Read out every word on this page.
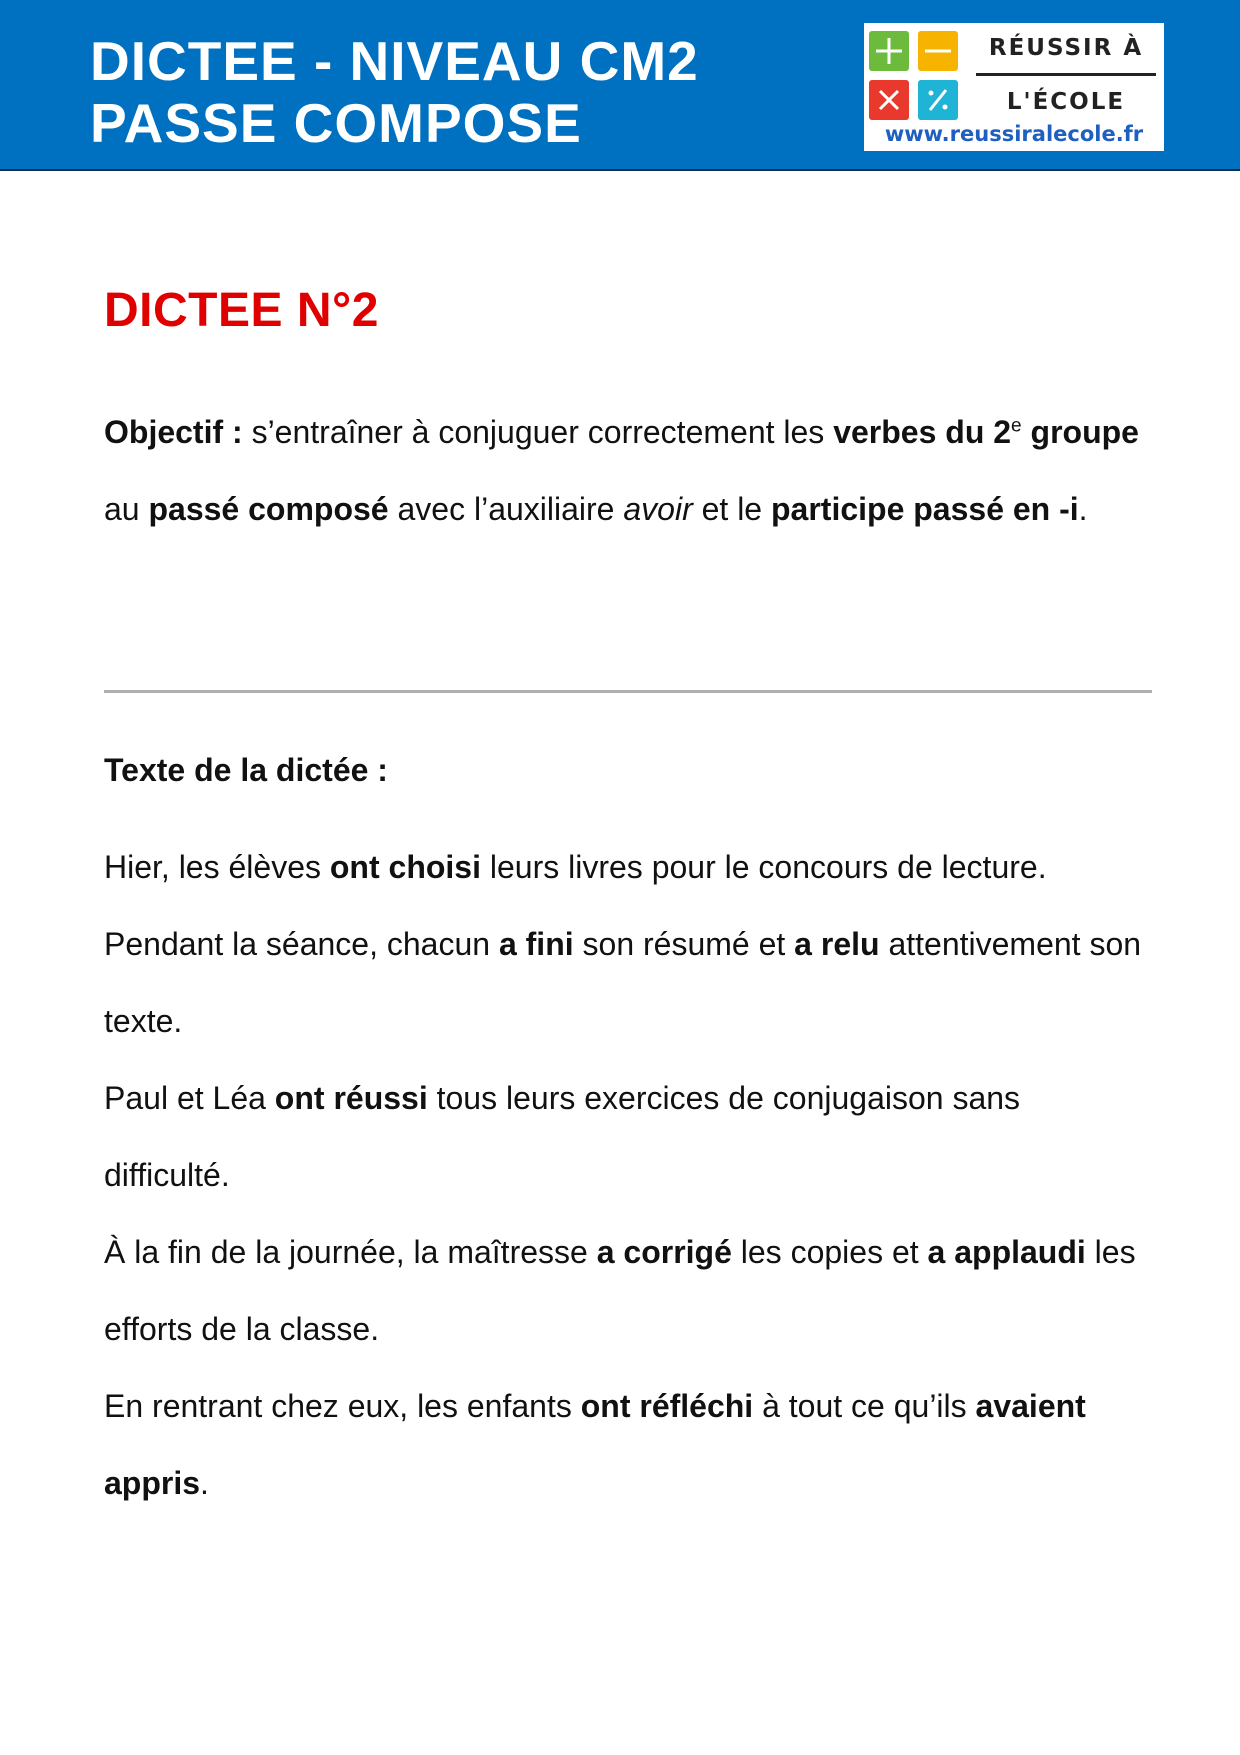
DICTEE - NIVEAU CM2
PASSE COMPOSE
RÉUSSIR À
L'ÉCOLE
www.reussiralecole.fr
DICTEE N°2

Objectif : s’entraîner à conjuguer correctement les verbes du 2e groupe au passé composé avec l’auxiliaire avoir et le participe passé en -i.

Texte de la dictée :

Hier, les élèves ont choisi leurs livres pour le concours de lecture.

Pendant la séance, chacun a fini son résumé et a relu attentivement son texte.

Paul et Léa ont réussi tous leurs exercices de conjugaison sans difficulté.

À la fin de la journée, la maîtresse a corrigé les copies et a applaudi les efforts de la classe.

En rentrant chez eux, les enfants ont réfléchi à tout ce qu’ils avaient appris.
